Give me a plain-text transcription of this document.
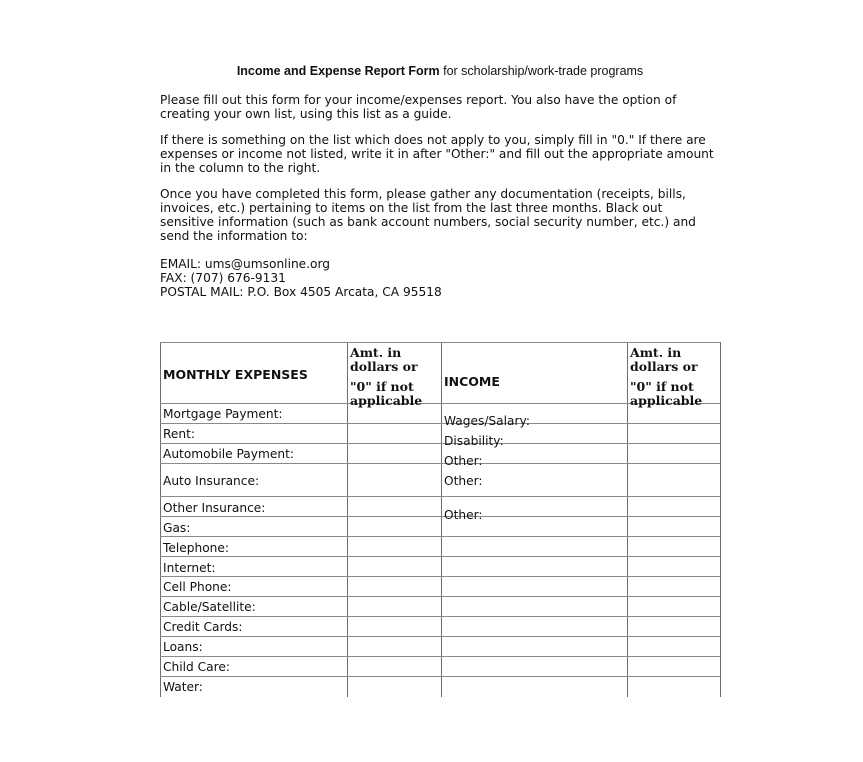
Income and Expense Report Form for scholarship/work-trade programs
Please fill out this form for your income/expenses report. You also have the option of creating your own list, using this list as a guide.
If there is something on the list which does not apply to you, simply fill in "0." If there are expenses or income not listed, write it in after "Other:" and fill out the appropriate amount in the column to the right.
Once you have completed this form, please gather any documentation (receipts, bills, invoices, etc.) pertaining to items on the list from the last three months. Black out sensitive information (such as bank account numbers, social security number, etc.) and send the information to:
EMAIL: ums@umsonline.org
FAX: (707) 676-9131
POSTAL MAIL: P.O. Box 4505 Arcata, CA 95518
MONTHLY EXPENSES
Amt. in
dollars or
"0" if not
applicable
INCOME
Amt. in
dollars or
"0" if not
applicable
Mortgage Payment:
Rent:
Automobile Payment:
Auto Insurance:
Other Insurance:
Gas:
Telephone:
Internet:
Cell Phone:
Cable/Satellite:
Credit Cards:
Loans:
Child Care:
Water:
Wages/Salary:
Disability:
Other:
Other:
Other:
